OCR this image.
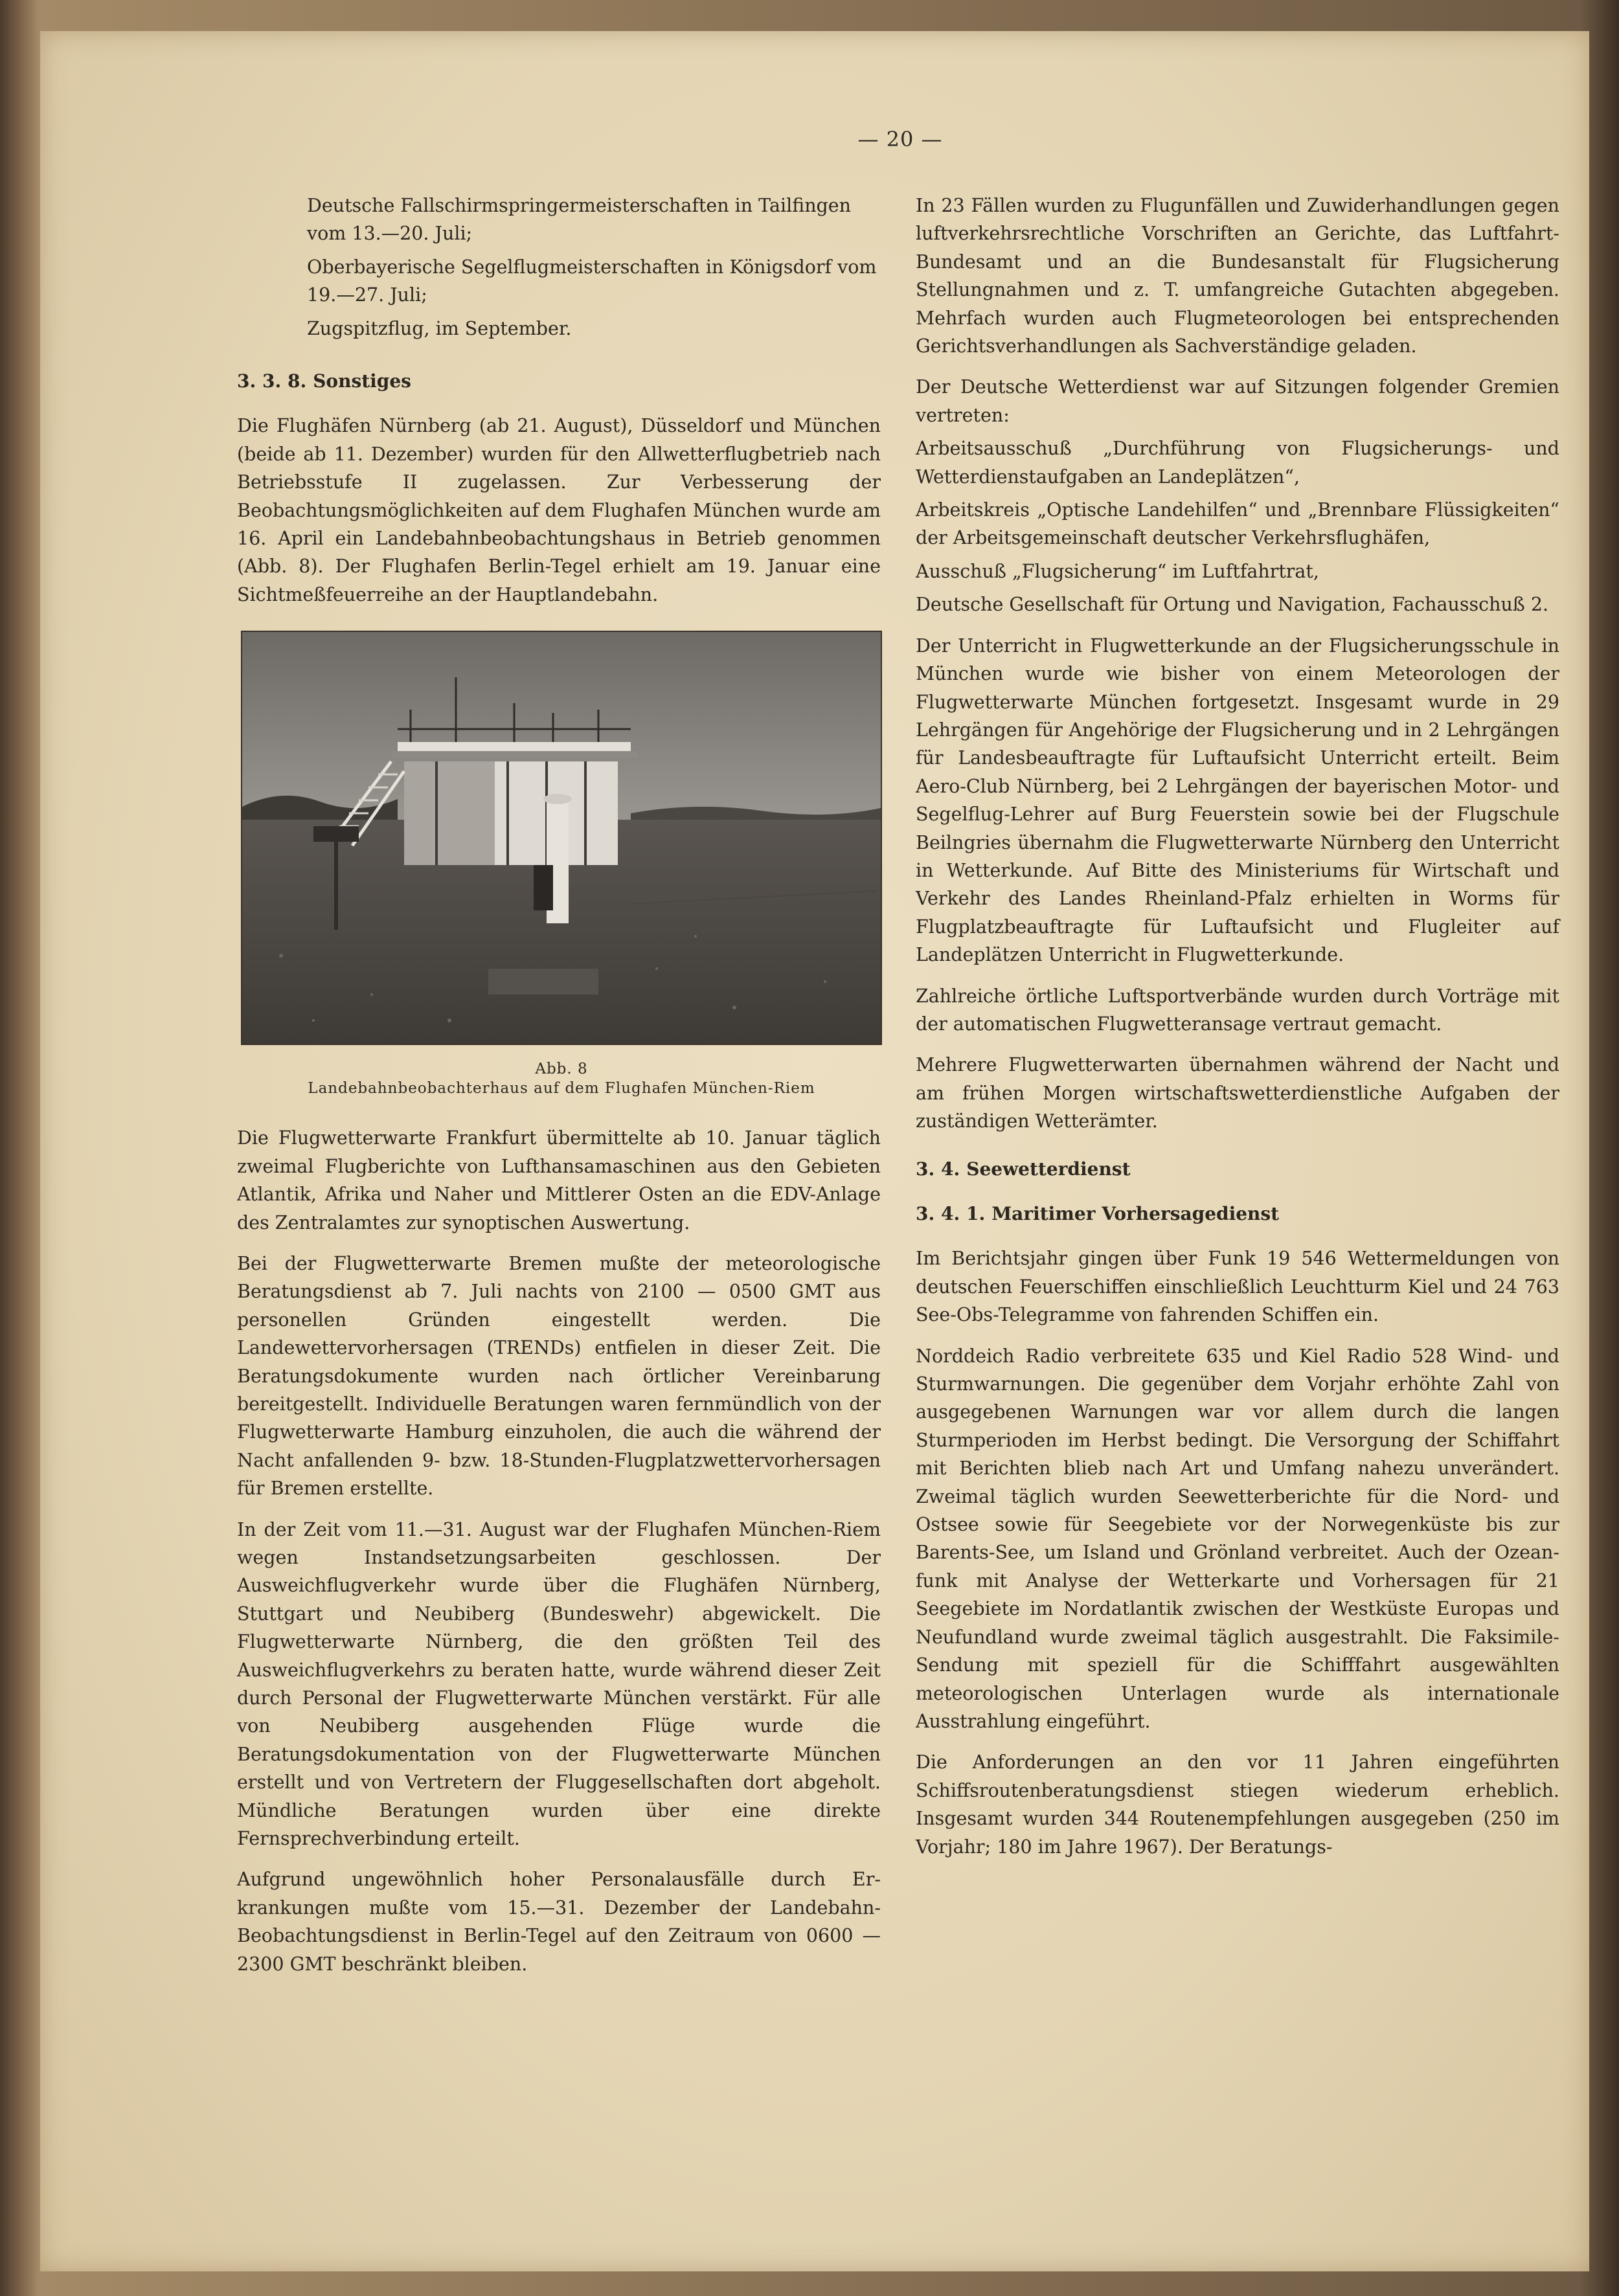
— 20 —

Deutsche Fallschirmspringermeisterschaften in Tailfingen vom 13.—20. Juli;

Oberbayerische Segelflugmeisterschaften in Königsdorf vom 19.—27. Juli;

Zugspitzflug, im September.

3. 3. 8. Sonstiges

Die Flughäfen Nürnberg (ab 21. August), Düsseldorf und München (beide ab 11. Dezember) wurden für den Allwetterflugbetrieb nach Betriebsstufe II zugelassen. Zur Verbesserung der Beobachtungsmöglichkeiten auf dem Flughafen München wurde am 16. April ein Landebahnbeobachtungshaus in Betrieb genommen (Abb. 8). Der Flughafen Berlin-Tegel erhielt am 19. Januar eine Sichtmeßfeuerreihe an der Hauptlandebahn.

Abb. 8
Landebahnbeobachterhaus auf dem Flughafen München-Riem

Die Flugwetterwarte Frankfurt übermittelte ab 10. Januar täglich zweimal Flugberichte von Lufthansamaschinen aus den Gebieten Atlantik, Afrika und Naher und Mittlerer Osten an die EDV-Anlage des Zentralamtes zur synoptischen Auswertung.

Bei der Flugwetterwarte Bremen mußte der meteorologische Beratungsdienst ab 7. Juli nachts von 2100 — 0500 GMT aus personellen Gründen eingestellt werden. Die Landewettervorhersagen (TRENDs) entfielen in dieser Zeit. Die Beratungsdokumente wurden nach örtlicher Vereinbarung bereitgestellt. Individuelle Beratungen waren fernmündlich von der Flugwetterwarte Hamburg einzuholen, die auch die während der Nacht anfallenden 9- bzw. 18-Stunden-Flugplatzwettervorhersagen für Bremen erstellte.

In der Zeit vom 11.—31. August war der Flughafen München-Riem wegen Instandsetzungsarbeiten geschlossen. Der Ausweichflugverkehr wurde über die Flughäfen Nürnberg, Stuttgart und Neubiberg (Bundeswehr) abgewickelt. Die Flugwetterwarte Nürnberg, die den größten Teil des Ausweichflugverkehrs zu beraten hatte, wurde während dieser Zeit durch Personal der Flugwetterwarte München verstärkt. Für alle von Neubiberg ausgehenden Flüge wurde die Beratungsdokumentation von der Flugwetterwarte München erstellt und von Vertretern der Fluggesellschaften dort abgeholt. Mündliche Beratungen wurden über eine direkte Fernsprechverbindung erteilt.

Aufgrund ungewöhnlich hoher Personalausfälle durch Erkrankungen mußte vom 15.—31. Dezember der Landebahn-Beobachtungsdienst in Berlin-Tegel auf den Zeitraum von 0600 — 2300 GMT beschränkt bleiben.

In 23 Fällen wurden zu Flugunfällen und Zuwiderhandlungen gegen luftverkehrsrechtliche Vorschriften an Gerichte, das Luftfahrt-Bundesamt und an die Bundesanstalt für Flugsicherung Stellungnahmen und z. T. umfangreiche Gutachten abgegeben. Mehrfach wurden auch Flugmeteorologen bei entsprechenden Gerichtsverhandlungen als Sachverständige geladen.

Der Deutsche Wetterdienst war auf Sitzungen folgender Gremien vertreten:

Arbeitsausschuß „Durchführung von Flugsicherungs- und Wetterdienstaufgaben an Landeplätzen“,

Arbeitskreis „Optische Landehilfen“ und „Brennbare Flüssigkeiten“ der Arbeitsgemeinschaft deutscher Verkehrsflughäfen,

Ausschuß „Flugsicherung“ im Luftfahrtrat,

Deutsche Gesellschaft für Ortung und Navigation, Fachausschuß 2.

Der Unterricht in Flugwetterkunde an der Flugsicherungsschule in München wurde wie bisher von einem Meteorologen der Flugwetterwarte München fortgesetzt. Insgesamt wurde in 29 Lehrgängen für Angehörige der Flugsicherung und in 2 Lehrgängen für Landesbeauftragte für Luftaufsicht Unterricht erteilt. Beim Aero-Club Nürnberg, bei 2 Lehrgängen der bayerischen Motor- und Segelflug-Lehrer auf Burg Feuerstein sowie bei der Flugschule Beilngries übernahm die Flugwetterwarte Nürnberg den Unterricht in Wetterkunde. Auf Bitte des Ministeriums für Wirtschaft und Verkehr des Landes Rheinland-Pfalz erhielten in Worms für Flugplatzbeauftragte für Luftaufsicht und Flugleiter auf Landeplätzen Unterricht in Flugwetterkunde.

Zahlreiche örtliche Luftsportverbände wurden durch Vorträge mit der automatischen Flugwetteransage vertraut gemacht.

Mehrere Flugwetterwarten übernahmen während der Nacht und am frühen Morgen wirtschaftswetterdienstliche Aufgaben der zuständigen Wetterämter.

3. 4. Seewetterdienst
3. 4. 1. Maritimer Vorhersagedienst

Im Berichtsjahr gingen über Funk 19 546 Wettermeldungen von deutschen Feuerschiffen einschließlich Leuchtturm Kiel und 24 763 See-Obs-Telegramme von fahrenden Schiffen ein.

Norddeich Radio verbreitete 635 und Kiel Radio 528 Wind- und Sturmwarnungen. Die gegenüber dem Vorjahr erhöhte Zahl von ausgegebenen Warnungen war vor allem durch die langen Sturmperioden im Herbst bedingt. Die Versorgung der Schiffahrt mit Berichten blieb nach Art und Umfang nahezu unverändert. Zweimal täglich wurden Seewetterberichte für die Nord- und Ostsee sowie für Seegebiete vor der Norwegenküste bis zur Barents-See, um Island und Grönland verbreitet. Auch der Ozeanfunk mit Analyse der Wetterkarte und Vorhersagen für 21 Seegebiete im Nordatlantik zwischen der Westküste Europas und Neufundland wurde zweimal täglich ausgestrahlt. Die Faksimile-Sendung mit speziell für die Schifffahrt ausgewählten meteorologischen Unterlagen wurde als internationale Ausstrahlung eingeführt.

Die Anforderungen an den vor 11 Jahren eingeführten Schiffsroutenberatungsdienst stiegen wiederum erheblich. Insgesamt wurden 344 Routenempfehlungen ausgegeben (250 im Vorjahr; 180 im Jahre 1967). Der Beratungs-
